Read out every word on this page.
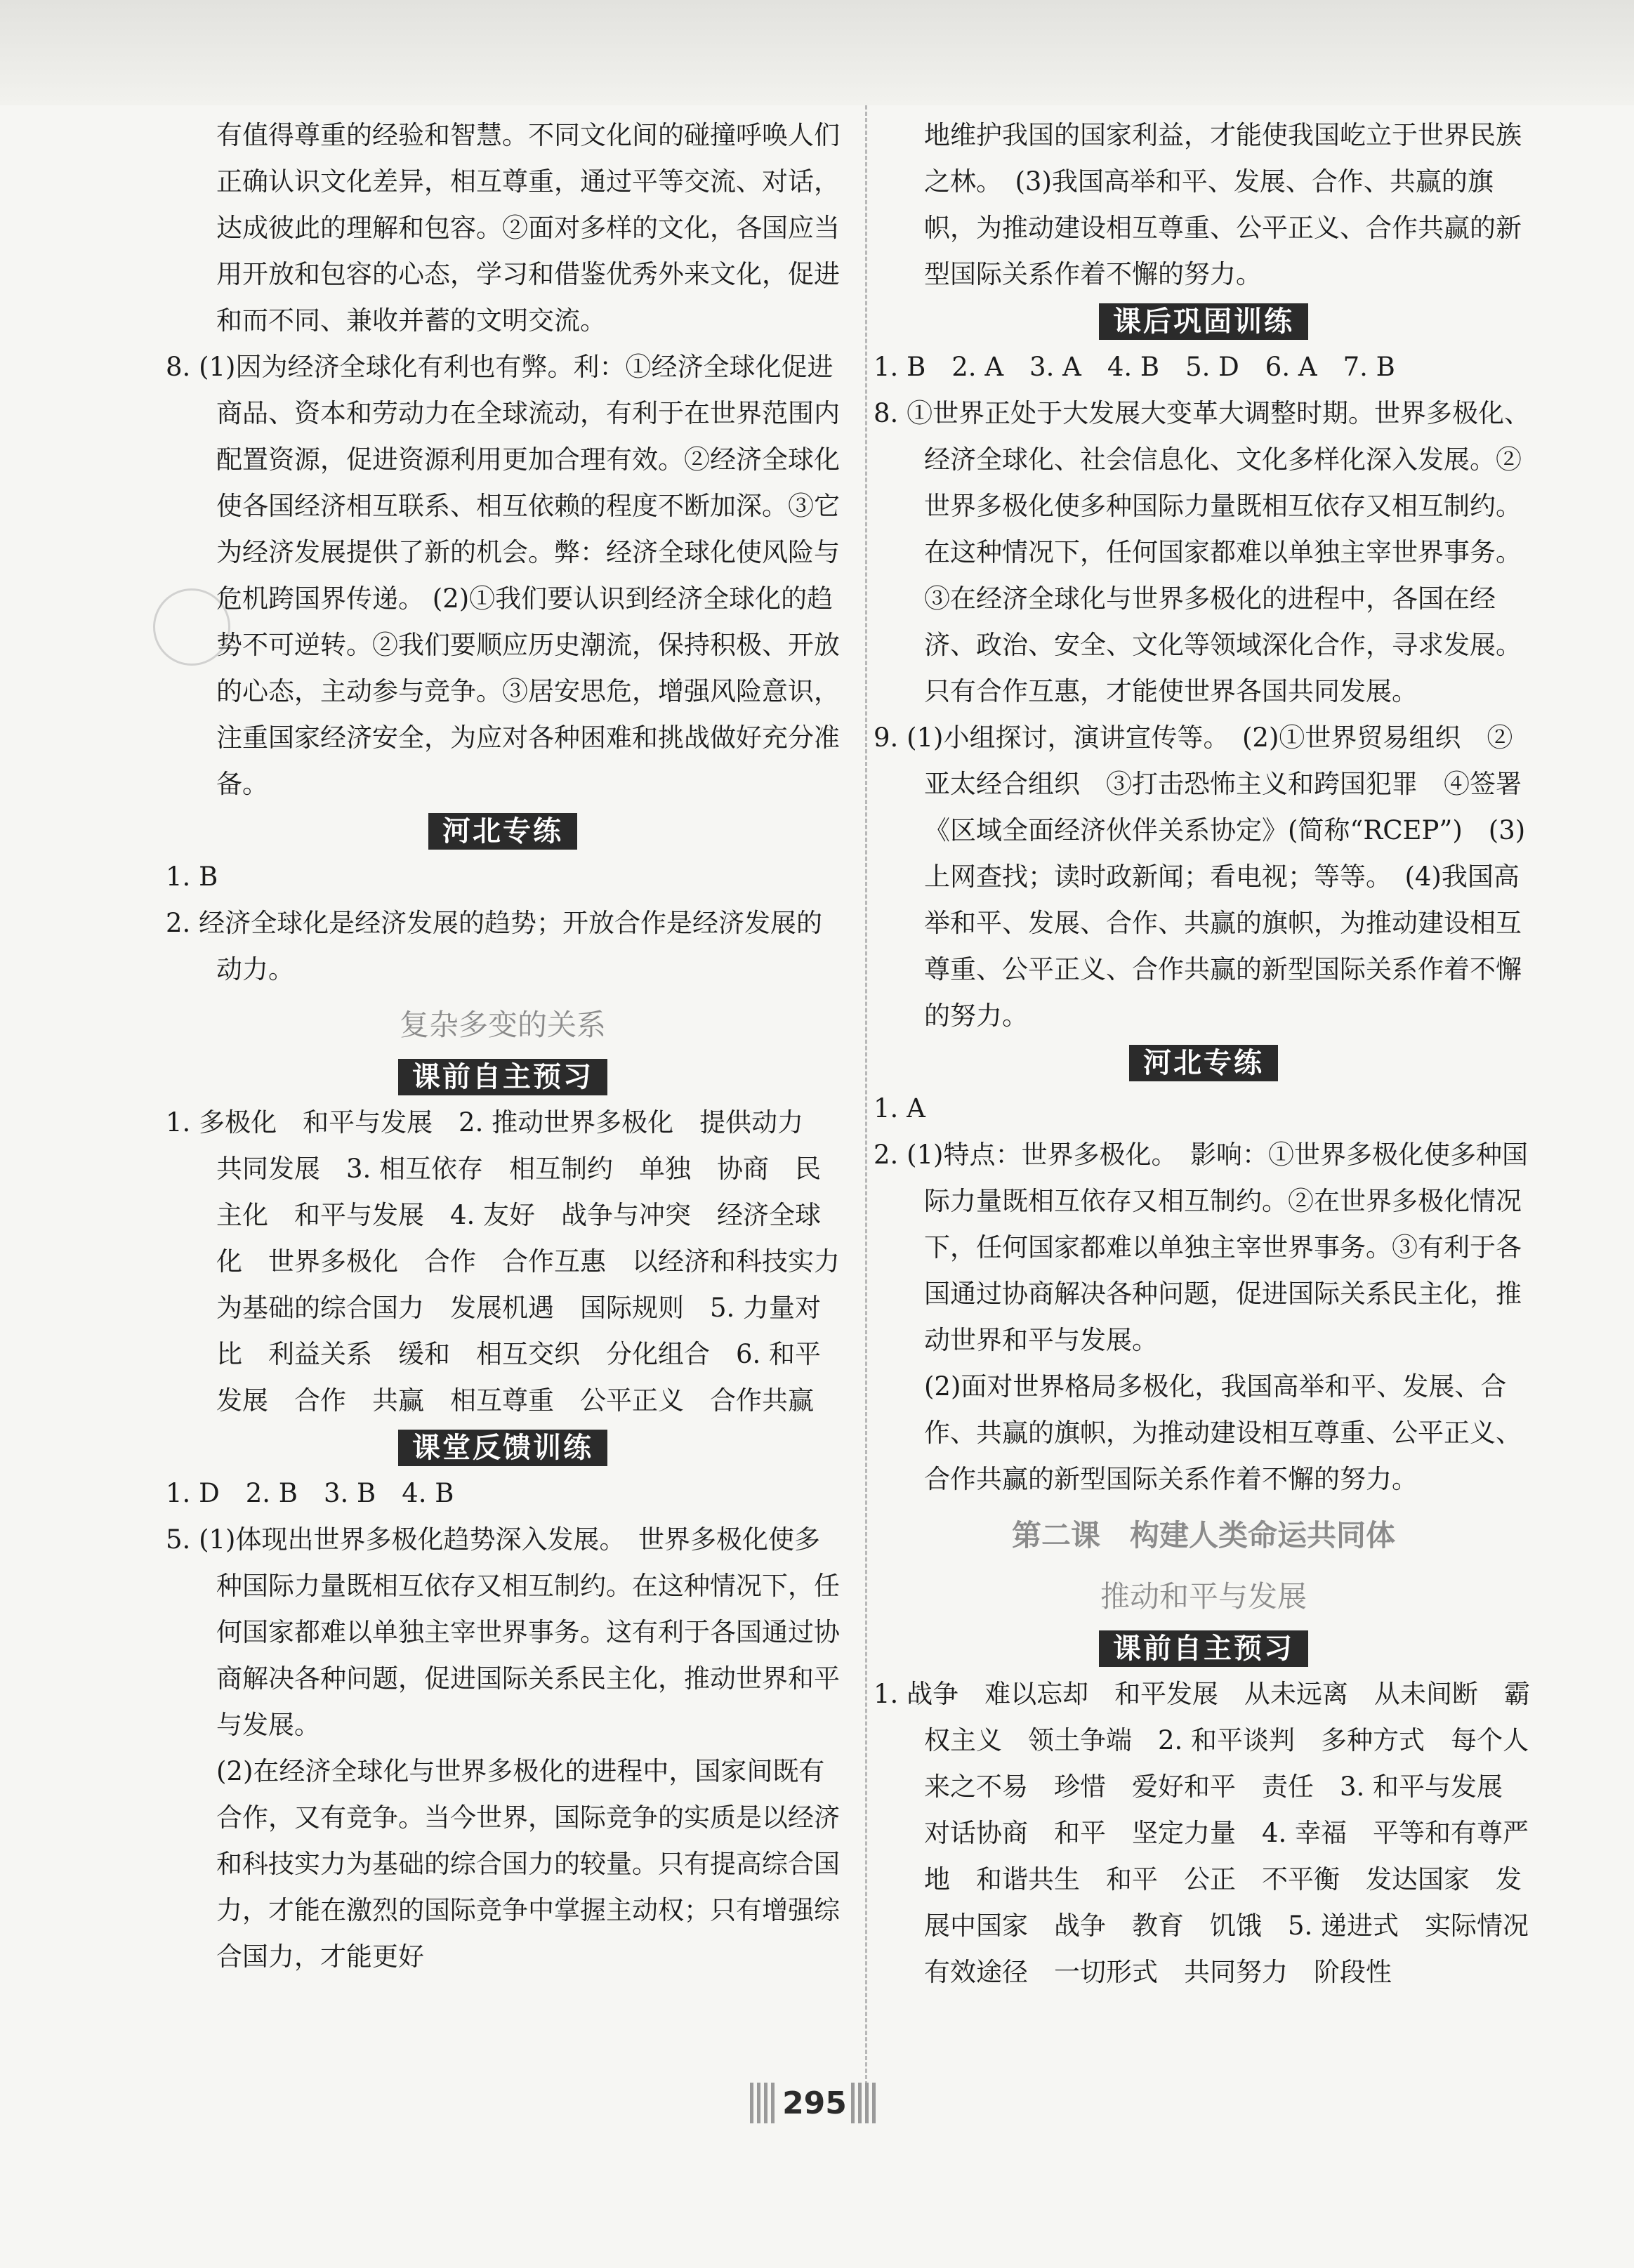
有值得尊重的经验和智慧。不同文化间的碰撞呼唤人们正确认识文化差异，相互尊重，通过平等交流、对话，达成彼此的理解和包容。②面对多样的文化，各国应当用开放和包容的心态，学习和借鉴优秀外来文化，促进和而不同、兼收并蓄的文明交流。

8. (1)因为经济全球化有利也有弊。利：①经济全球化促进商品、资本和劳动力在全球流动，有利于在世界范围内配置资源，促进资源利用更加合理有效。②经济全球化使各国经济相互联系、相互依赖的程度不断加深。③它为经济发展提供了新的机会。弊：经济全球化使风险与危机跨国界传递。 (2)①我们要认识到经济全球化的趋势不可逆转。②我们要顺应历史潮流，保持积极、开放的心态，主动参与竞争。③居安思危，增强风险意识，注重国家经济安全，为应对各种困难和挑战做好充分准备。

河北专练

1. B

2. 经济全球化是经济发展的趋势；开放合作是经济发展的动力。

复杂多变的关系
课前自主预习

1. 多极化　和平与发展　2. 推动世界多极化　提供动力　共同发展　3. 相互依存　相互制约　单独　协商　民主化　和平与发展　4. 友好　战争与冲突　经济全球化　世界多极化　合作　合作互惠　以经济和科技实力为基础的综合国力　发展机遇　国际规则　5. 力量对比　利益关系　缓和　相互交织　分化组合　6. 和平　发展　合作　共赢　相互尊重　公平正义　合作共赢

课堂反馈训练

1. D　2. B　3. B　4. B

5. (1)体现出世界多极化趋势深入发展。　世界多极化使多种国际力量既相互依存又相互制约。在这种情况下，任何国家都难以单独主宰世界事务。这有利于各国通过协商解决各种问题，促进国际关系民主化，推动世界和平与发展。

(2)在经济全球化与世界多极化的进程中，国家间既有合作，又有竞争。当今世界，国际竞争的实质是以经济和科技实力为基础的综合国力的较量。只有提高综合国力，才能在激烈的国际竞争中掌握主动权；只有增强综合国力，才能更好

地维护我国的国家利益，才能使我国屹立于世界民族之林。　(3)我国高举和平、发展、合作、共赢的旗帜，为推动建设相互尊重、公平正义、合作共赢的新型国际关系作着不懈的努力。

课后巩固训练

1. B　2. A　3. A　4. B　5. D　6. A　7. B

8. ①世界正处于大发展大变革大调整时期。世界多极化、经济全球化、社会信息化、文化多样化深入发展。②世界多极化使多种国际力量既相互依存又相互制约。在这种情况下，任何国家都难以单独主宰世界事务。③在经济全球化与世界多极化的进程中，各国在经济、政治、安全、文化等领域深化合作，寻求发展。只有合作互惠，才能使世界各国共同发展。

9. (1)小组探讨，演讲宣传等。　(2)①世界贸易组织　②亚太经合组织　③打击恐怖主义和跨国犯罪　④签署《区域全面经济伙伴关系协定》(简称“RCEP”)　(3)上网查找；读时政新闻；看电视；等等。　(4)我国高举和平、发展、合作、共赢的旗帜，为推动建设相互尊重、公平正义、合作共赢的新型国际关系作着不懈的努力。

河北专练

1. A

2. (1)特点：世界多极化。　影响：①世界多极化使多种国际力量既相互依存又相互制约。②在世界多极化情况下，任何国家都难以单独主宰世界事务。③有利于各国通过协商解决各种问题，促进国际关系民主化，推动世界和平与发展。

(2)面对世界格局多极化，我国高举和平、发展、合作、共赢的旗帜，为推动建设相互尊重、公平正义、合作共赢的新型国际关系作着不懈的努力。

第二课　构建人类命运共同体
推动和平与发展
课前自主预习

1. 战争　难以忘却　和平发展　从未远离　从未间断　霸权主义　领土争端　2. 和平谈判　多种方式　每个人　来之不易　珍惜　爱好和平　责任　3. 和平与发展　对话协商　和平　坚定力量　4. 幸福　平等和有尊严地　和谐共生　和平　公正　不平衡　发达国家　发展中国家　战争　教育　饥饿　5. 递进式　实际情况　有效途径　一切形式　共同努力　阶段性

295
